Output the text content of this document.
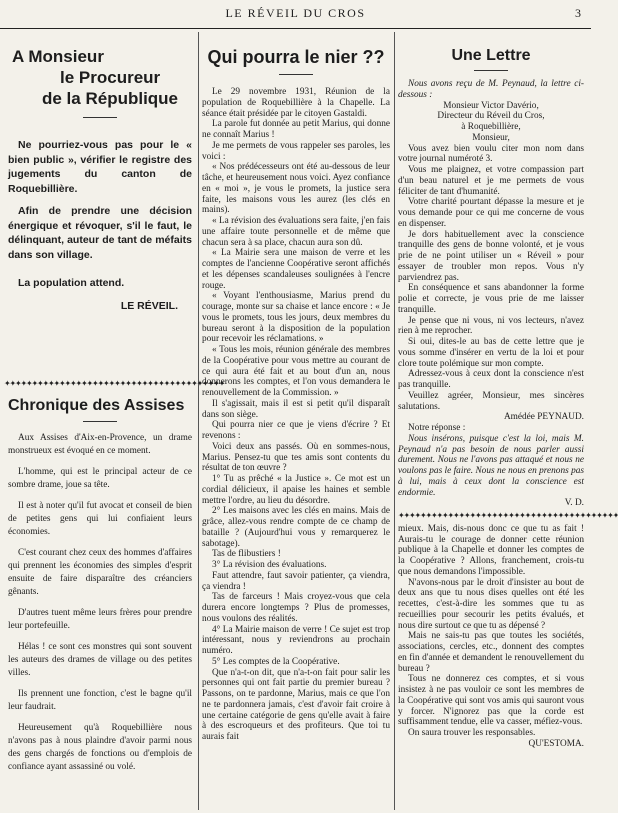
LE RÉVEIL DU CROS	3
A Monsieur
le Procureur
de la République

Ne pourriez-vous pas pour le « bien public », vérifier le registre des jugements du canton de Roquebillière.

Afin de prendre une décision énergique et révoquer, s'il le faut, le délinquant, auteur de tant de méfaits dans son village.

La population attend.

LE RÉVEIL.

✦✦✦✦✦✦✦✦✦✦✦✦✦✦✦✦✦✦✦✦✦✦✦✦✦✦✦✦✦✦✦✦✦✦✦✦✦✦✦✦
Chronique des Assises

Aux Assises d'Aix-en-Provence, un drame monstrueux est évoqué en ce moment.

L'homme, qui est le principal acteur de ce sombre drame, joue sa tête.

Il est à noter qu'il fut avocat et conseil de bien de petites gens qui lui confiaient leurs économies.

C'est courant chez ceux des hommes d'affaires qui prennent les économies des simples d'esprit ensuite de faire disparaître des créanciers gênants.

D'autres tuent même leurs frères pour prendre leur portefeuille.

Hélas ! ce sont ces monstres qui sont souvent les auteurs des drames de village ou des petites villes.

Ils prennent une fonction, c'est le bagne qu'il leur faudrait.

Heureusement qu'à Roquebillière nous n'avons pas à nous plaindre d'avoir parmi nous des gens chargés de fonctions ou d'emplois de confiance ayant assassiné ou volé.

Qui pourra le nier ??

Le 29 novembre 1931, Réunion de la population de Roquebillière à la Chapelle. La séance était présidée par le citoyen Gastaldi.

La parole fut donnée au petit Marius, qui donne ne connaît Marius !

Je me permets de vous rappeler ses paroles, les voici :

« Nos prédécesseurs ont été au-dessous de leur tâche, et heureusement nous voici. Ayez confiance en « moi », je vous le promets, la justice sera faite, les maisons vous les aurez (les clés en mains).

« La révision des évaluations sera faite, j'en fais une affaire toute personnelle et de même que chacun sera à sa place, chacun aura son dû.

« La Mairie sera une maison de verre et les comptes de l'ancienne Coopérative seront affichés et les dépenses scandaleuses soulignées à l'encre rouge.

« Voyant l'enthousiasme, Marius prend du courage, monte sur sa chaise et lance encore : « Je vous le promets, tous les jours, deux membres du bureau seront à la disposition de la population pour recevoir les réclamations. »

« Tous les mois, réunion générale des membres de la Coopérative pour vous mettre au courant de ce qui aura été fait et au bout d'un an, nous donnerons les comptes, et l'on vous demandera le renouvellement de la Commission. »

Il s'agissait, mais il est si petit qu'il disparaît dans son siège.

Qui pourra nier ce que je viens d'écrire ? Et revenons :

Voici deux ans passés. Où en sommes-nous, Marius. Pensez-tu que tes amis sont contents du résultat de ton œuvre ?

1° Tu as prêché « la Justice ». Ce mot est un cordial délicieux, il apaise les haines et semble mettre l'ordre, au lieu du désordre.

2° Les maisons avec les clés en mains. Mais de grâce, allez-vous rendre compte de ce champ de bataille ? (Aujourd'hui vous y remarquerez le sabotage).

Tas de flibustiers !

3° La révision des évaluations.

Faut attendre, faut savoir patienter, ça viendra, ça viendra !

Tas de farceurs ! Mais croyez-vous que cela durera encore longtemps ? Plus de promesses, nous voulons des réalités.

4° La Mairie maison de verre ! Ce sujet est trop intéressant, nous y reviendrons au prochain numéro.

5° Les comptes de la Coopérative.

Que n'a-t-on dit, que n'a-t-on fait pour salir les personnes qui ont fait partie du premier bureau ? Passons, on te pardonne, Marius, mais ce que l'on ne te pardonnera jamais, c'est d'avoir fait croire à une certaine catégorie de gens qu'elle avait à faire à des escroqueurs et des profiteurs. Que toi tu aurais fait

Une Lettre

Nous avons reçu de M. Peynaud, la lettre ci-dessous :

Monsieur Victor Davério,

Directeur du Réveil du Cros,

à Roquebillière,

Monsieur,

Vous avez bien voulu citer mon nom dans votre journal numéroté 3.

Vous me plaignez, et votre compassion part d'un beau naturel et je me permets de vous féliciter de tant d'humanité.

Votre charité pourtant dépasse la mesure et je vous demande pour ce qui me concerne de vous en dispenser.

Je dors habituellement avec la conscience tranquille des gens de bonne volonté, et je vous prie de ne point utiliser un « Réveil » pour essayer de troubler mon repos. Vous n'y parviendrez pas.

En conséquence et sans abandonner la forme polie et correcte, je vous prie de me laisser tranquille.

Je pense que ni vous, ni vos lecteurs, n'avez rien à me reprocher.

Si oui, dites-le au bas de cette lettre que je vous somme d'insérer en vertu de la loi et pour clore toute polémique sur mon compte.

Adressez-vous à ceux dont la conscience n'est pas tranquille.

Veuillez agréer, Monsieur, mes sincères salutations.

Amédée PEYNAUD.

Notre réponse :

Nous insérons, puisque c'est la loi, mais M. Peynaud n'a pas besoin de nous parler aussi durement. Nous ne l'avons pas attaqué et nous ne voulons pas le faire. Nous ne nous en prenons pas à lui, mais à ceux dont la conscience est endormie.

V. D.

✦✦✦✦✦✦✦✦✦✦✦✦✦✦✦✦✦✦✦✦✦✦✦✦✦✦✦✦✦✦✦✦✦✦✦✦✦✦✦✦

mieux. Mais, dis-nous donc ce que tu as fait ! Aurais-tu le courage de donner cette réunion publique à la Chapelle et donner les comptes de la Coopérative ? Allons, franchement, crois-tu que nous demandons l'impossible.

N'avons-nous par le droit d'insister au bout de deux ans que tu nous dises quelles ont été les recettes, c'est-à-dire les sommes que tu as recueillies pour secourir les petits évalués, et nous dire surtout ce que tu as dépensé ?

Mais ne sais-tu pas que toutes les sociétés, associations, cercles, etc., donnent des comptes en fin d'année et demandent le renouvellement du bureau ?

Tous ne donnerez ces comptes, et si vous insistez à ne pas vouloir ce sont les membres de la Coopérative qui sont vos amis qui sauront vous y forcer. N'ignorez pas que la corde est suffisamment tendue, elle va casser, méfiez-vous.

On saura trouver les responsables.

QU'ESTOMA.
